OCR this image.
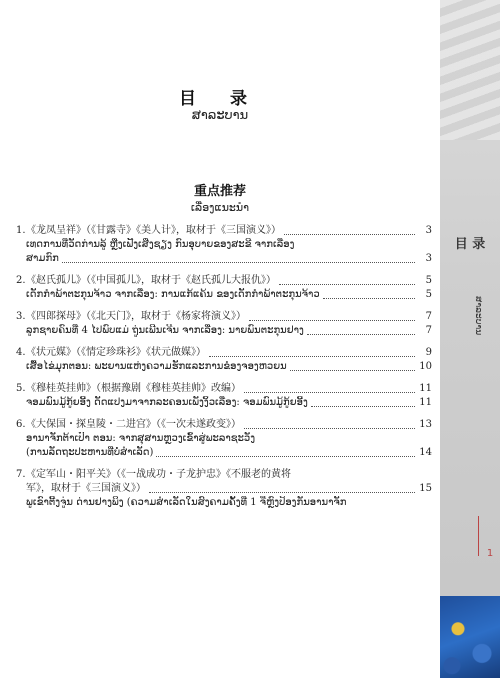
目 录
ສາລະບານ
重点推荐
ເລື່ອງແນະນໍາ
1. 《龙凤呈祥》（《甘露寺》《美人计》，取材于《三国演义》）	3
ເທດການທີ່ວັດກ່ານລູ້ ຫຼືງເຟີ້ງເສີ່ງຊຽງ ກົນອຸບາຍຂອງສະຂີ ຈາກເລື່ອງ
ສາມກົກ	3
2. 《赵氏孤儿》（《中国孤儿》，取材于《赵氏孤儿大报仇》）	5
ເດັກກໍາພ້າຕະກຸນຈ້າວ ຈາກເລື່ອງ: ການແກ້ແຄ້ນ ຂອງເດັກກໍາພ້າຕະກຸນຈ້າວ	5
3. 《四郎探母》（《北天门》，取材于《杨家将演义》）	7
ລູກຊາຍຄົນທີ່ 4 ໄປພົບແມ່ ຖູ່ນເພີນເຈີນ ຈາກເລື່ອງ: ນາຍພົນຕະກຸນຢາງ	7
4. 《状元媒》（《情定珍珠衫》《状元做媒》）	9
ເສື້ອໄຂ່ມຸກຕອນ: ພະຍານແຫ່ງຄວາມຮັກແລະການຂໍອງຈອງຫວຍນ	10
5. 《穆桂英挂帅》（根据豫剧《穆桂英挂帅》改编）	11
ຈອມພົນມູ້ກູ້ຍອີ້ງ ດັດແປງມາຈາກລະຄອນເພັງງິ້ວເລື່ອງ: ຈອມພົນມູ້ກູ້ຍອີ້ງ	11
6. 《大保国・探皇陵・二进宫》（《一次未遂政变》）	13
ອານາຈັກຕ້າເປົາ ຕອນ: ຈາກສຸສານຫຼວງເຂົ້າສູ່ພະລາຊະວັງ
(ການລັດຖະປະຫານທີ່ບໍ່ສໍາເລັດ)	14
7. 《定军山・阳平关》（《一战成功・子龙护忠》《不服老的黄将
军》，取材于《三国演义》）	15
ພູເຂົາຕີ້ງຈູ່ນ ດ່ານຢາງພິງ (ຄວາມສໍາເລັດໃນສົງຄາມຄັ້ງທີ່ 1 ຈື່ຫຼົງປ້ອງກັນອານາຈັກ
目 录
ສາລະບານ
1
